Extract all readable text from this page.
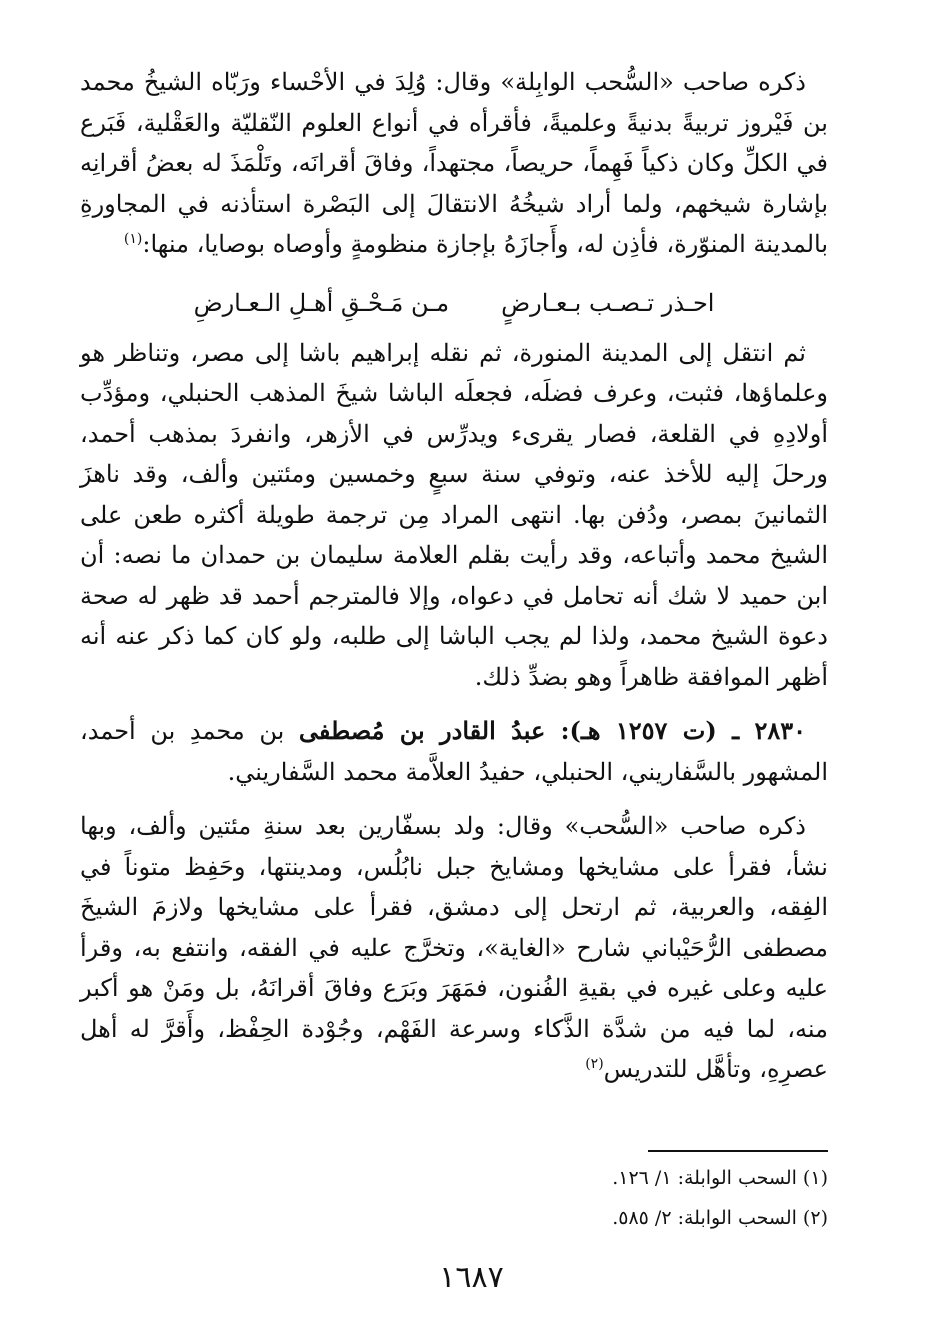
ذكره صاحب «السُّحب الوابِلة» وقال: وُلِدَ في الأحْساء ورَبّاه الشيخُ محمد بن فَيْروز تربيةً بدنيةً وعلميةً، فأقرأه في أنواع العلوم النّقليّة والعَقْلية، فَبَرع في الكلِّ وكان ذكياً فَهِماً، حريصاً، مجتهداً، وفاقَ أقرانَه، وتَلْمَذَ له بعضُ أقرانِه بإشارة شيخهم، ولما أراد شيخُهُ الانتقالَ إلى البَصْرة استأذنه في المجاورةِ بالمدينة المنوّرة، فأذِن له، وأَجازَهُ بإجازة منظومةٍ وأوصاه بوصايا، منها:$^{(١)}$

احـذر تـصـب بـعـارضٍ
مـن مَـحْـقِ أهـلِ الـعـارضِ

ثم انتقل إلى المدينة المنورة، ثم نقله إبراهيم باشا إلى مصر، وتناظر هو وعلماؤها، فثبت، وعرف فضلَه، فجعلَه الباشا شيخَ المذهب الحنبلي، ومؤدِّب أولادِهِ في القلعة، فصار يقرىء ويدرِّس في الأزهر، وانفردَ بمذهب أحمد، ورحلَ إليه للأخذ عنه، وتوفي سنة سبعٍ وخمسين ومئتين وألف، وقد ناهزَ الثمانينَ بمصر، ودُفن بها. انتهى المراد مِن ترجمة طويلة أكثره طعن على الشيخ محمد وأتباعه، وقد رأيت بقلم العلامة سليمان بن حمدان ما نصه: أن ابن حميد لا شك أنه تحامل في دعواه، وإلا فالمترجم أحمد قد ظهر له صحة دعوة الشيخ محمد، ولذا لم يجب الباشا إلى طلبه، ولو كان كما ذكر عنه أنه أظهر الموافقة ظاهراً وهو بضدِّ ذلك.

٢٨٣٠ ـ (ت ١٢٥٧ هـ): عبدُ القادر بن مُصطفى بن محمدِ بن أحمد، المشهور بالسَّفاريني، الحنبلي، حفيدُ العلاَّمة محمد السَّفاريني.

ذكره صاحب «السُّحب» وقال: ولد بسفّارين بعد سنةِ مئتين وألف، وبها نشأ، فقرأ على مشايخها ومشايخ جبل نابُلُس، ومدينتها، وحَفِظ متوناً في الفِقه، والعربية، ثم ارتحل إلى دمشق، فقرأ على مشايخها ولازمَ الشيخَ مصطفى الرُّحَيْباني شارح «الغاية»، وتخرَّج عليه في الفقه، وانتفع به، وقرأ عليه وعلى غيره في بقيةِ الفُنون، فمَهَرَ وبَرَع وفاقَ أقرانَهُ، بل ومَنْ هو أكبر منه، لما فيه من شدَّة الذَّكاء وسرعة الفَهْم، وجُوْدة الحِفْظ، وأَقرَّ له أهل عصرِهِ، وتأهَّل للتدريس$^{(٢)}$

(١) السحب الوابلة: ١/ ١٢٦.

(٢) السحب الوابلة: ٢/ ٥٨٥.

١٦٨٧
